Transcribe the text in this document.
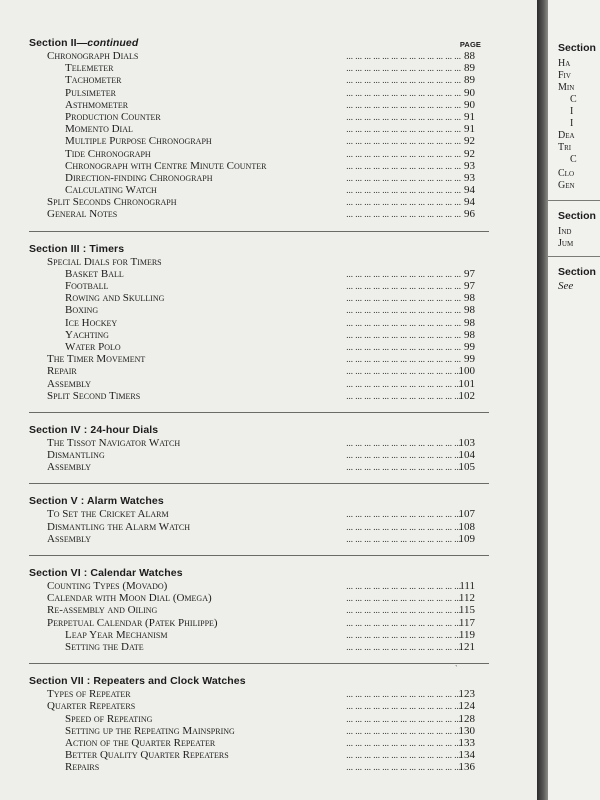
Section II—continued	PAGE
... ... ... ... ... ... ... ... ... ... ... ... ...
Chronograph Dials	88
... ... ... ... ... ... ... ... ... ... ... ... ...
Telemeter	89
... ... ... ... ... ... ... ... ... ... ... ... ...
Tachometer	89
... ... ... ... ... ... ... ... ... ... ... ... ...
Pulsimeter	90
... ... ... ... ... ... ... ... ... ... ... ... ...
Asthmometer	90
... ... ... ... ... ... ... ... ... ... ... ... ...
Production Counter	91
... ... ... ... ... ... ... ... ... ... ... ... ...
Momento Dial	91
... ... ... ... ... ... ... ... ... ... ... ... ...
Multiple Purpose Chronograph	92
... ... ... ... ... ... ... ... ... ... ... ... ...
Tide Chronograph	92
... ... ... ... ... ... ... ... ... ... ... ... ...
Chronograph with Centre Minute Counter	93
... ... ... ... ... ... ... ... ... ... ... ... ...
Direction-finding Chronograph	93
... ... ... ... ... ... ... ... ... ... ... ... ...
Calculating Watch	94
... ... ... ... ... ... ... ... ... ... ... ... ...
Split Seconds Chronograph	94
... ... ... ... ... ... ... ... ... ... ... ... ...
General Notes	96
Section III : Timers
Special Dials for Timers
... ... ... ... ... ... ... ... ... ... ... ... ...
Basket Ball	97
... ... ... ... ... ... ... ... ... ... ... ... ...
Football	97
... ... ... ... ... ... ... ... ... ... ... ... ...
Rowing and Skulling	98
... ... ... ... ... ... ... ... ... ... ... ... ...
Boxing	98
... ... ... ... ... ... ... ... ... ... ... ... ...
Ice Hockey	98
... ... ... ... ... ... ... ... ... ... ... ... ...
Yachting	98
... ... ... ... ... ... ... ... ... ... ... ... ...
Water Polo	99
... ... ... ... ... ... ... ... ... ... ... ... ...
The Timer Movement	99
... ... ... ... ... ... ... ... ... ... ... ... ...
Repair	100
... ... ... ... ... ... ... ... ... ... ... ... ...
Assembly	101
... ... ... ... ... ... ... ... ... ... ... ... ...
Split Second Timers	102
Section IV : 24-hour Dials
... ... ... ... ... ... ... ... ... ... ... ... ...
The Tissot Navigator Watch	103
... ... ... ... ... ... ... ... ... ... ... ... ...
Dismantling	104
... ... ... ... ... ... ... ... ... ... ... ... ...
Assembly	105
Section V : Alarm Watches
... ... ... ... ... ... ... ... ... ... ... ... ...
To Set the Cricket Alarm	107
... ... ... ... ... ... ... ... ... ... ... ... ...
Dismantling the Alarm Watch	108
... ... ... ... ... ... ... ... ... ... ... ... ...
Assembly	109
Section VI : Calendar Watches
... ... ... ... ... ... ... ... ... ... ... ... ...
Counting Types (Movado)	111
... ... ... ... ... ... ... ... ... ... ... ... ...
Calendar with Moon Dial (Omega)	112
... ... ... ... ... ... ... ... ... ... ... ... ...
Re-assembly and Oiling	115
... ... ... ... ... ... ... ... ... ... ... ... ...
Perpetual Calendar (Patek Philippe)	117
... ... ... ... ... ... ... ... ... ... ... ... ...
Leap Year Mechanism	119
... ... ... ... ... ... ... ... ... ... ... ... ...
Setting the Date	121
Section VII : Repeaters and Clock Watches
... ... ... ... ... ... ... ... ... ... ... ... ...
Types of Repeater	123
... ... ... ... ... ... ... ... ... ... ... ... ...
Quarter Repeaters	124
... ... ... ... ... ... ... ... ... ... ... ... ...
Speed of Repeating	128
... ... ... ... ... ... ... ... ... ... ... ... ...
Setting up the Repeating Mainspring	130
... ... ... ... ... ... ... ... ... ... ... ... ...
Action of the Quarter Repeater	133
... ... ... ... ... ... ... ... ... ... ... ... ...
Better Quality Quarter Repeaters	134
... ... ... ... ... ... ... ... ... ... ... ... ...
Repairs	136
`
Section
Ha
Fiv
Min
C
I
I
Dea
Tri
C
Clo
Gen
Section
Ind
Jum
Section
See
